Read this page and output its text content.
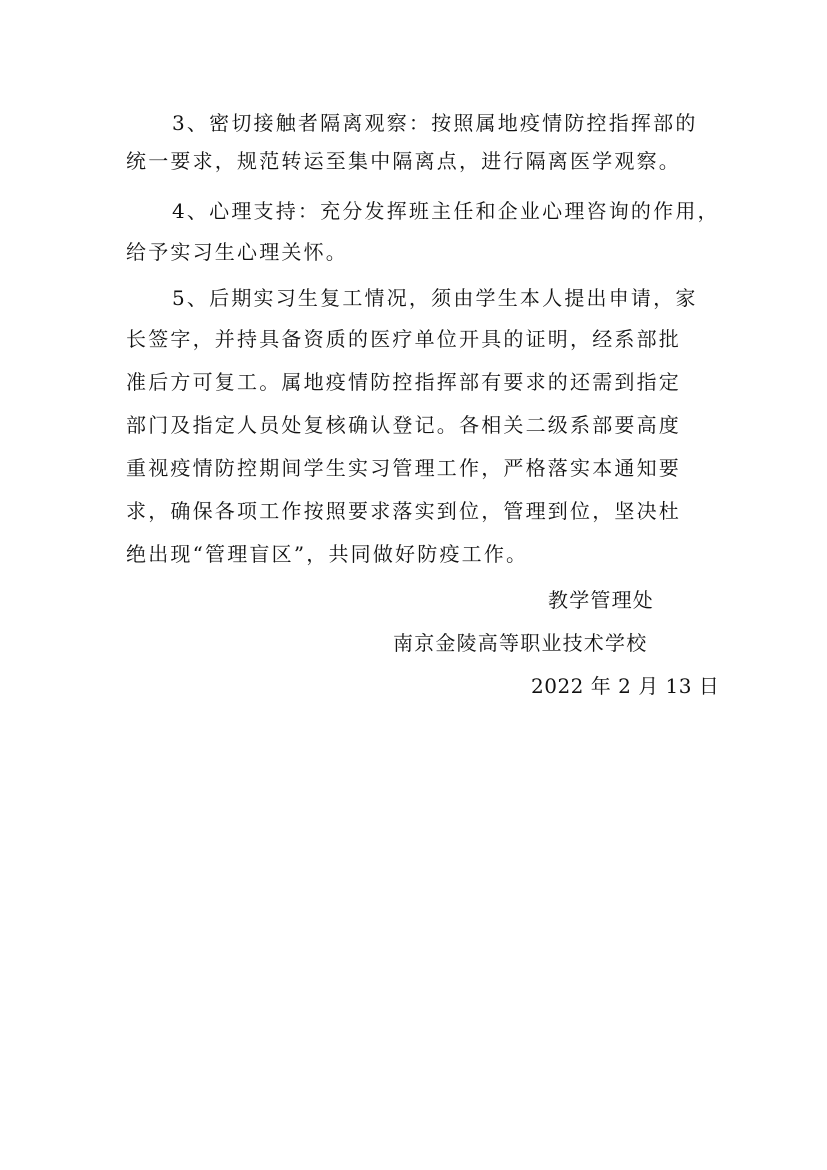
3、密切接触者隔离观察：按照属地疫情防控指挥部的
统一要求，规范转运至集中隔离点，进行隔离医学观察。
4、心理支持：充分发挥班主任和企业心理咨询的作用，
给予实习生心理关怀。
5、后期实习生复工情况，须由学生本人提出申请，家
长签字，并持具备资质的医疗单位开具的证明，经系部批
准后方可复工。属地疫情防控指挥部有要求的还需到指定
部门及指定人员处复核确认登记。各相关二级系部要高度
重视疫情防控期间学生实习管理工作，严格落实本通知要
求，确保各项工作按照要求落实到位，管理到位，坚决杜
绝出现“管理盲区”，共同做好防疫工作。
教学管理处
南京金陵高等职业技术学校
2022 年 2 月 13 日
